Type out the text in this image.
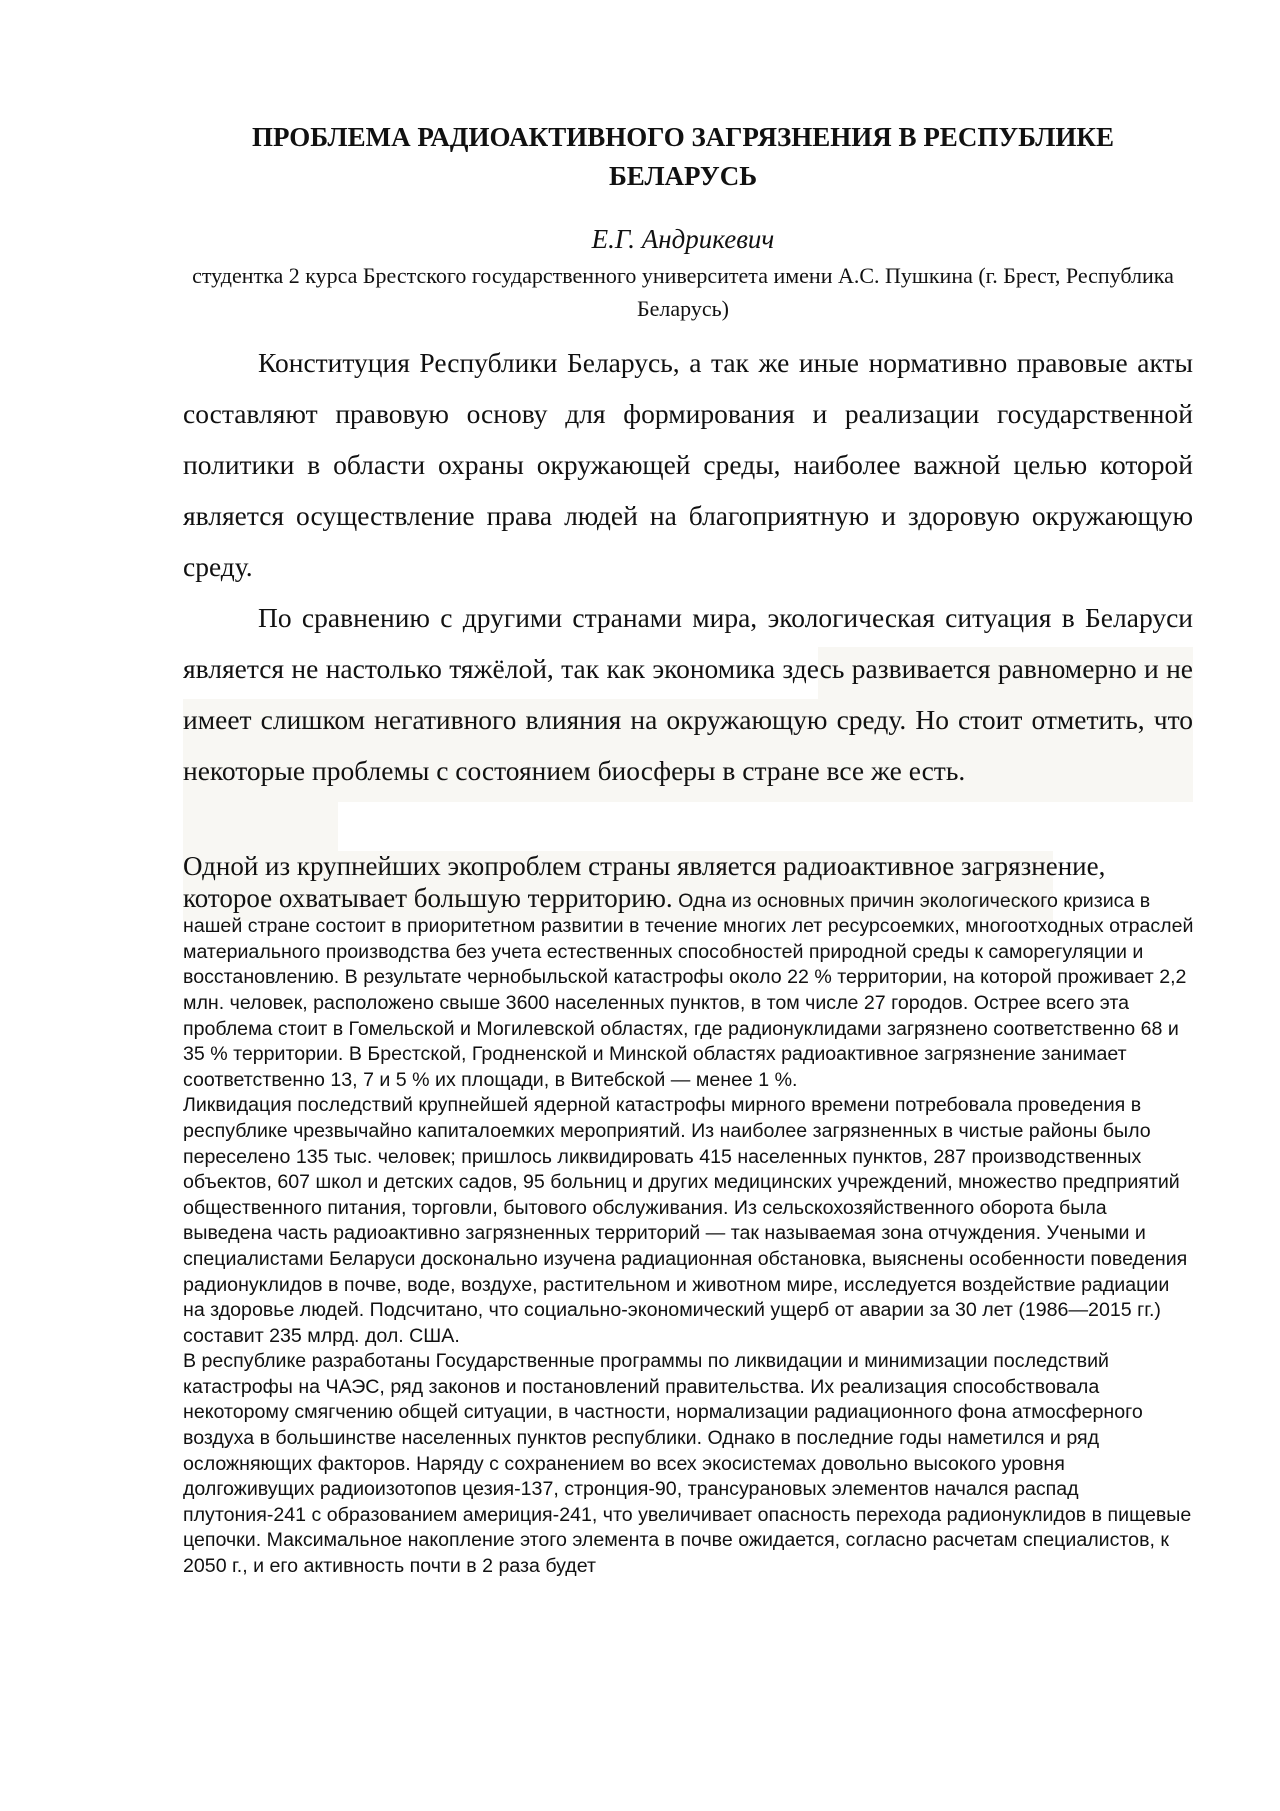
ПРОБЛЕМА РАДИОАКТИВНОГО ЗАГРЯЗНЕНИЯ В РЕСПУБЛИКЕ БЕЛАРУСЬ
Е.Г. Андрикевич
студентка 2 курса Брестского государственного университета имени А.С. Пушкина (г. Брест, Республика Беларусь)

Конституция Республики Беларусь, а так же иные нормативно правовые акты составляют правовую основу для формирования и реализации государственной политики в области охраны окружающей среды, наиболее важной целью которой является осуществление права людей на благоприятную и здоровую окружающую среду.

По сравнению с другими странами мира, экологическая ситуация в Беларуси является не настолько тяжёлой, так как экономика здесь развивается равномерно и не имеет слишком негативного влияния на окружающую среду. Но стоит отметить, что некоторые проблемы с состоянием биосферы в стране все же есть.

Одной из крупнейших экопроблем страны является радиоактивное загрязнение, которое охватывает большую территорию. Одна из основных причин экологического кризиса в нашей стране состоит в приоритетном развитии в течение многих лет ресурсоемких, многоотходных отраслей материального производства без учета естественных способностей природной среды к саморегуляции и восстановлению. В результате чернобыльской катастрофы около 22 % территории, на которой проживает 2,2 млн. человек, расположено свыше 3600 населенных пунктов, в том числе 27 городов. Острее всего эта проблема стоит в Гомельской и Могилевской областях, где радионуклидами загрязнено соответственно 68 и 35 % территории. В Брестской, Гродненской и Минской областях радиоактивное загрязнение занимает соответственно 13, 7 и 5 % их площади, в Витебской — менее 1 %.

Ликвидация последствий крупнейшей ядерной катастрофы мирного времени потребовала проведения в республике чрезвычайно капиталоемких мероприятий. Из наиболее загрязненных в чистые районы было переселено 135 тыс. человек; пришлось ликвидировать 415 населенных пунктов, 287 производственных объектов, 607 школ и детских садов, 95 больниц и других медицинских учреждений, множество предприятий общественного питания, торговли, бытового обслуживания. Из сельскохозяйственного оборота была выведена часть радиоактивно загрязненных территорий — так называемая зона отчуждения. Учеными и специалистами Беларуси досконально изучена радиационная обстановка, выяснены особенности поведения радионуклидов в почве, воде, воздухе, растительном и животном мире, исследуется воздействие радиации на здоровье людей. Подсчитано, что социально-экономический ущерб от аварии за 30 лет (1986—2015 гг.) составит 235 млрд. дол. США.

В республике разработаны Государственные программы по ликвидации и минимизации последствий катастрофы на ЧАЭС, ряд законов и постановлений правительства. Их реализация способствовала некоторому смягчению общей ситуации, в частности, нормализации радиационного фона атмосферного воздуха в большинстве населенных пунктов республики. Однако в последние годы наметился и ряд осложняющих факторов. Наряду с сохранением во всех экосистемах довольно высокого уровня долгоживущих радиоизотопов цезия-137, стронция-90, трансурановых элементов начался распад плутония-241 с образованием америция-241, что увеличивает опасность перехода радионуклидов в пищевые цепочки. Максимальное накопление этого элемента в почве ожидается, согласно расчетам специалистов, к 2050 г., и его активность почти в 2 раза будет
